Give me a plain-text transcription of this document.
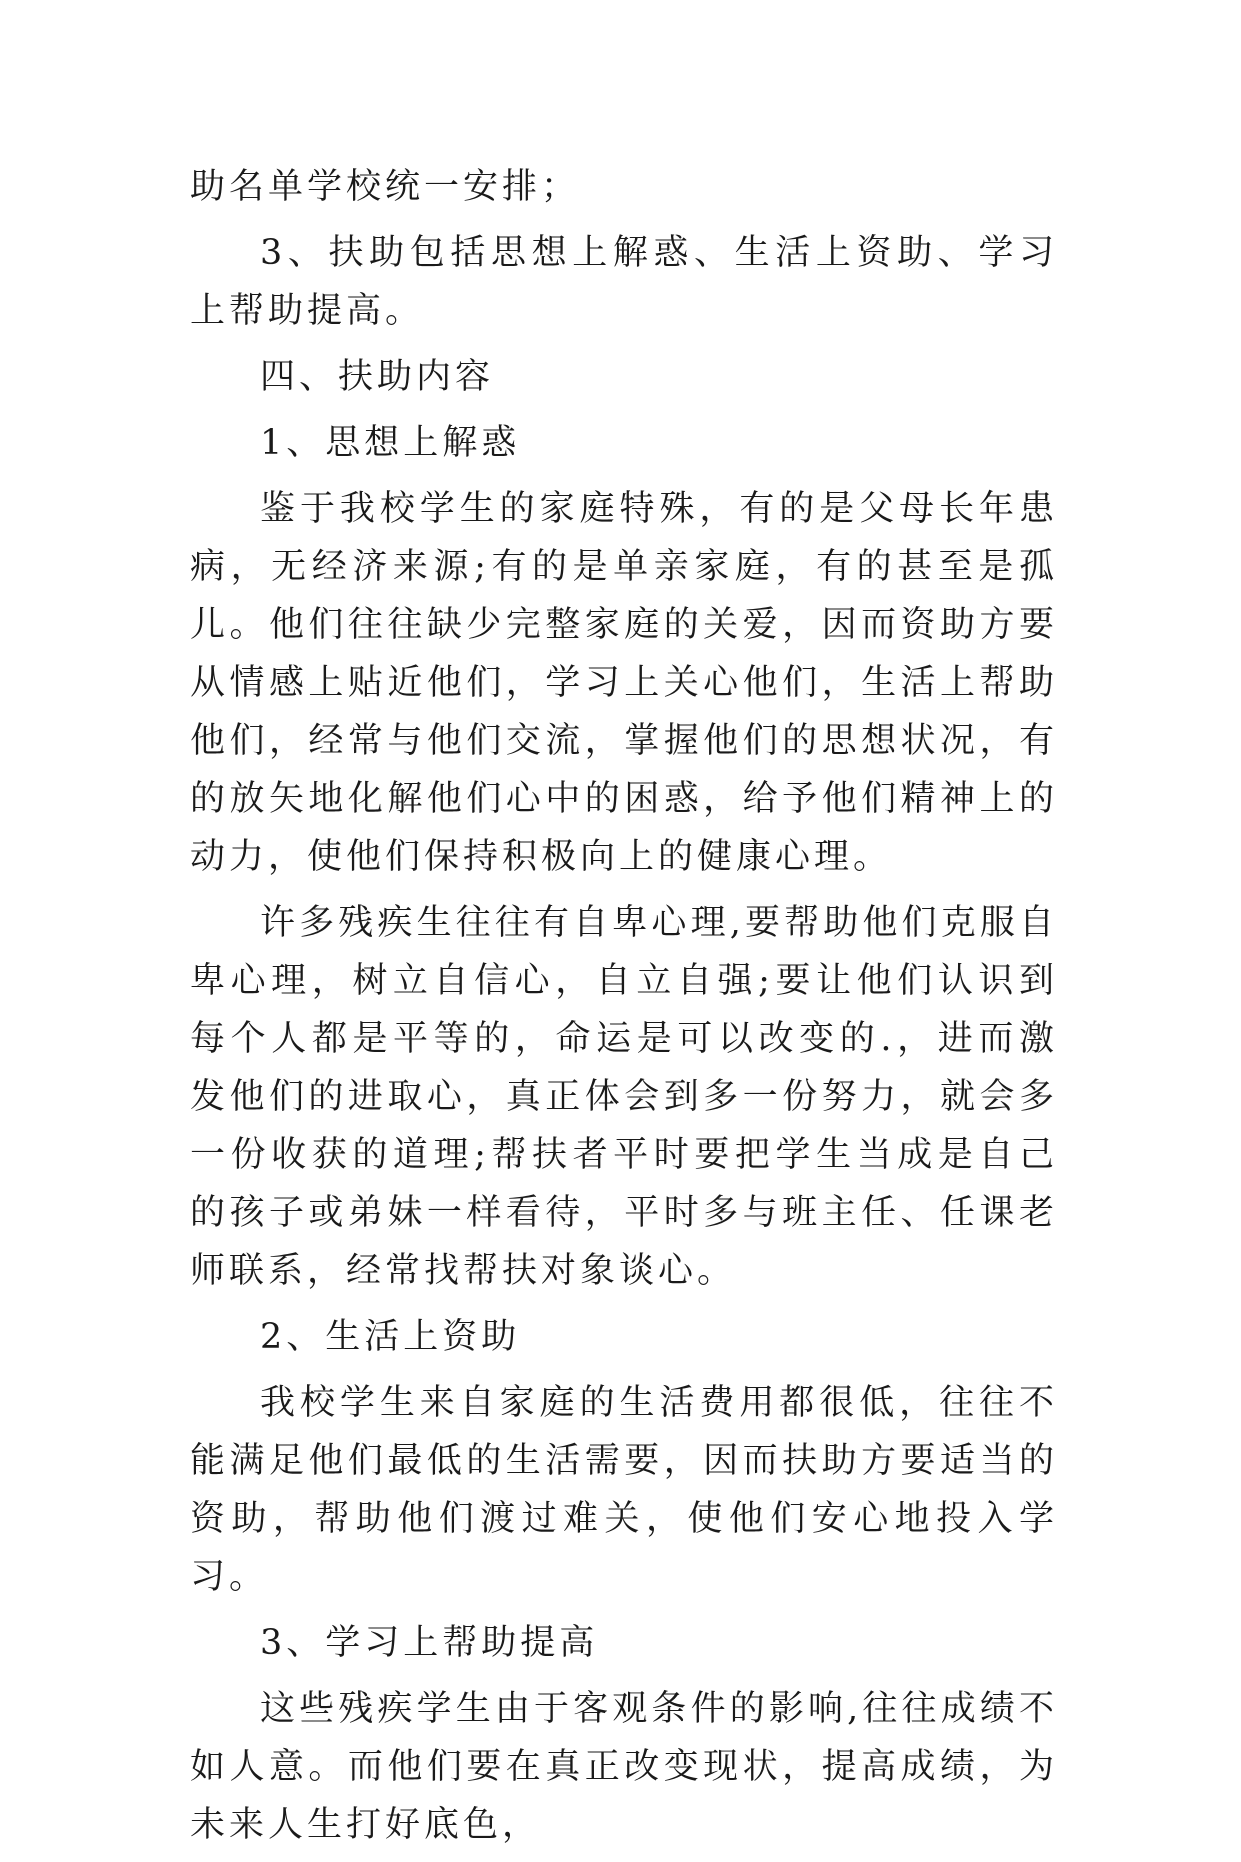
助名单学校统一安排；

3、扶助包括思想上解惑、生活上资助、学习上帮助提高。

四、扶助内容

1、思想上解惑

鉴于我校学生的家庭特殊，有的是父母长年患病，无经济来源;有的是单亲家庭，有的甚至是孤儿。他们往往缺少完整家庭的关爱，因而资助方要从情感上贴近他们，学习上关心他们，生活上帮助他们，经常与他们交流，掌握他们的思想状况，有的放矢地化解他们心中的困惑，给予他们精神上的动力，使他们保持积极向上的健康心理。

许多残疾生往往有自卑心理,要帮助他们克服自卑心理，树立自信心，自立自强;要让他们认识到每个人都是平等的，命运是可以改变的.，进而激发他们的进取心，真正体会到多一份努力，就会多一份收获的道理;帮扶者平时要把学生当成是自己的孩子或弟妹一样看待，平时多与班主任、任课老师联系，经常找帮扶对象谈心。

2、生活上资助

我校学生来自家庭的生活费用都很低，往往不能满足他们最低的生活需要，因而扶助方要适当的资助，帮助他们渡过难关，使他们安心地投入学习。

3、学习上帮助提高

这些残疾学生由于客观条件的影响,往往成绩不如人意。而他们要在真正改变现状，提高成绩，为未来人生打好底色，
